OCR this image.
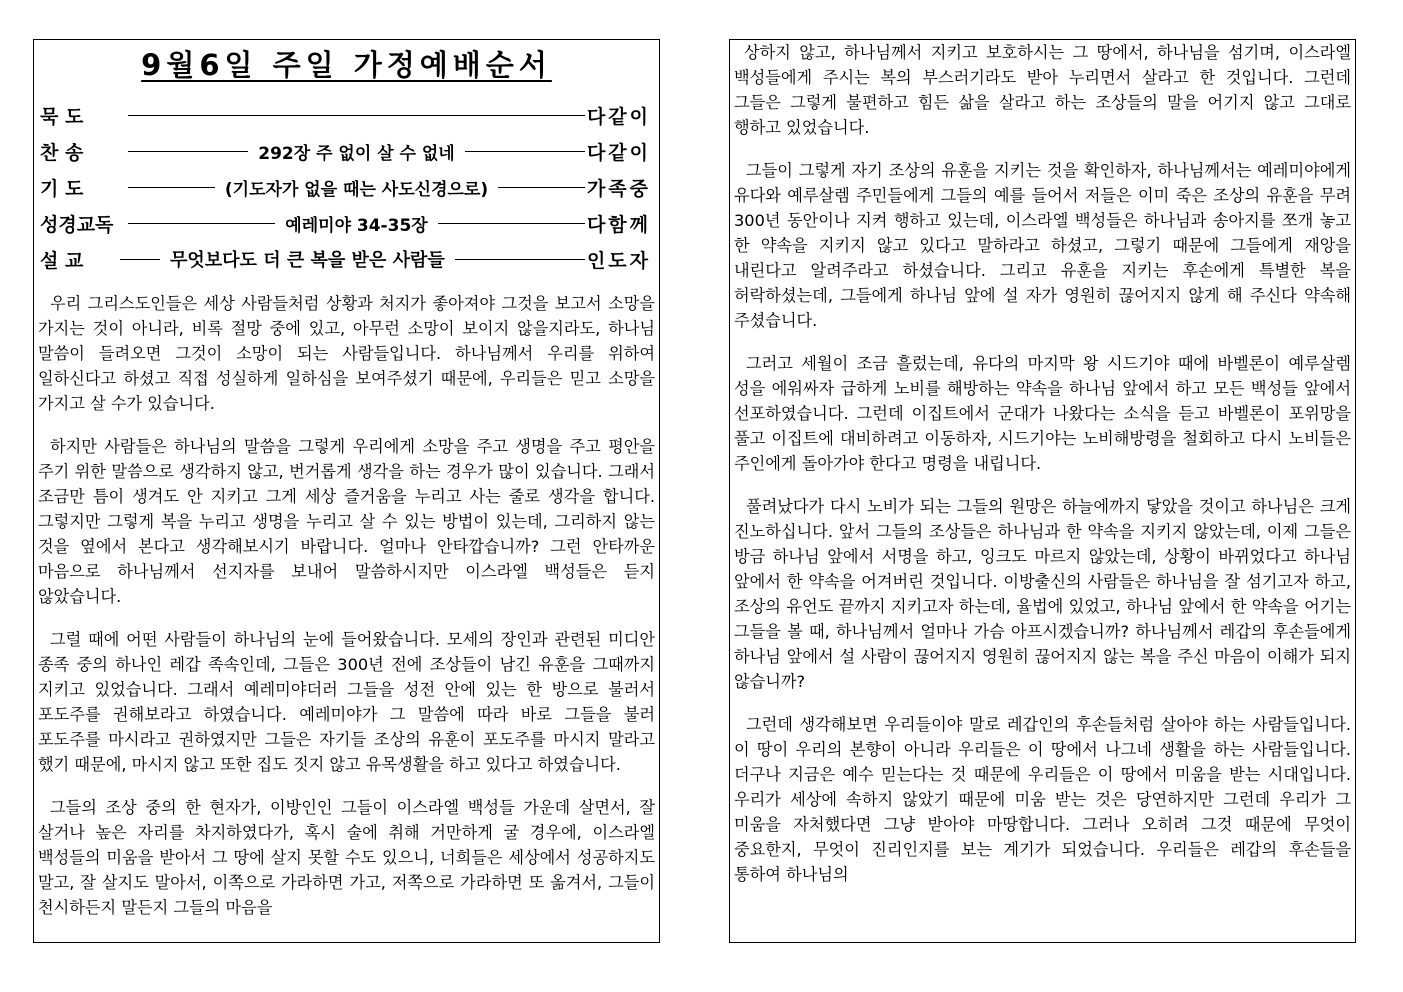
9월6일 주일 가정예배순서
묵 도	다같이
찬 송	292장 주 없이 살 수 없네	다같이
기 도	(기도자가 없을 때는 사도신경으로)	가족중
성경교독	예레미야 34-35장	다함께
설 교	무엇보다도 더 큰 복을 받은 사람들	인도자

우리 그리스도인들은 세상 사람들처럼 상황과 처지가 좋아져야 그것을 보고서 소망을 가지는 것이 아니라, 비록 절망 중에 있고, 아무런 소망이 보이지 않을지라도, 하나님 말씀이 들려오면 그것이 소망이 되는 사람들입니다. 하나님께서 우리를 위하여 일하신다고 하셨고 직접 성실하게 일하심을 보여주셨기 때문에, 우리들은 믿고 소망을 가지고 살 수가 있습니다.

하지만 사람들은 하나님의 말씀을 그렇게 우리에게 소망을 주고 생명을 주고 평안을 주기 위한 말씀으로 생각하지 않고, 번거롭게 생각을 하는 경우가 많이 있습니다. 그래서 조금만 틈이 생겨도 안 지키고 그게 세상 즐거움을 누리고 사는 줄로 생각을 합니다. 그렇지만 그렇게 복을 누리고 생명을 누리고 살 수 있는 방법이 있는데, 그리하지 않는 것을 옆에서 본다고 생각해보시기 바랍니다. 얼마나 안타깝습니까? 그런 안타까운 마음으로 하나님께서 선지자를 보내어 말씀하시지만 이스라엘 백성들은 듣지 않았습니다.

그럴 때에 어떤 사람들이 하나님의 눈에 들어왔습니다. 모세의 장인과 관련된 미디안 종족 중의 하나인 레갑 족속인데, 그들은 300년 전에 조상들이 남긴 유훈을 그때까지 지키고 있었습니다. 그래서 예레미야더러 그들을 성전 안에 있는 한 방으로 불러서 포도주를 권해보라고 하였습니다. 예레미야가 그 말씀에 따라 바로 그들을 불러 포도주를 마시라고 권하였지만 그들은 자기들 조상의 유훈이 포도주를 마시지 말라고 했기 때문에, 마시지 않고 또한 집도 짓지 않고 유목생활을 하고 있다고 하였습니다.

그들의 조상 중의 한 현자가, 이방인인 그들이 이스라엘 백성들 가운데 살면서, 잘 살거나 높은 자리를 차지하였다가, 혹시 술에 취해 거만하게 굴 경우에, 이스라엘 백성들의 미움을 받아서 그 땅에 살지 못할 수도 있으니, 너희들은 세상에서 성공하지도 말고, 잘 살지도 말아서, 이쪽으로 가라하면 가고, 저쪽으로 가라하면 또 옮겨서, 그들이 천시하든지 말든지 그들의 마음을

상하지 않고, 하나님께서 지키고 보호하시는 그 땅에서, 하나님을 섬기며, 이스라엘 백성들에게 주시는 복의 부스러기라도 받아 누리면서 살라고 한 것입니다. 그런데 그들은 그렇게 불편하고 힘든 삶을 살라고 하는 조상들의 말을 어기지 않고 그대로 행하고 있었습니다.

그들이 그렇게 자기 조상의 유훈을 지키는 것을 확인하자, 하나님께서는 예레미야에게 유다와 예루살렘 주민들에게 그들의 예를 들어서 저들은 이미 죽은 조상의 유훈을 무려 300년 동안이나 지켜 행하고 있는데, 이스라엘 백성들은 하나님과 송아지를 쪼개 놓고 한 약속을 지키지 않고 있다고 말하라고 하셨고, 그렇기 때문에 그들에게 재앙을 내린다고 알려주라고 하셨습니다. 그리고 유훈을 지키는 후손에게 특별한 복을 허락하셨는데, 그들에게 하나님 앞에 설 자가 영원히 끊어지지 않게 해 주신다 약속해 주셨습니다.

그러고 세월이 조금 흘렀는데, 유다의 마지막 왕 시드기야 때에 바벨론이 예루살렘 성을 에워싸자 급하게 노비를 해방하는 약속을 하나님 앞에서 하고 모든 백성들 앞에서 선포하였습니다. 그런데 이집트에서 군대가 나왔다는 소식을 듣고 바벨론이 포위망을 풀고 이집트에 대비하려고 이동하자, 시드기야는 노비해방령을 철회하고 다시 노비들은 주인에게 돌아가야 한다고 명령을 내립니다.

풀려났다가 다시 노비가 되는 그들의 원망은 하늘에까지 닿았을 것이고 하나님은 크게 진노하십니다. 앞서 그들의 조상들은 하나님과 한 약속을 지키지 않았는데, 이제 그들은 방금 하나님 앞에서 서명을 하고, 잉크도 마르지 않았는데, 상황이 바뀌었다고 하나님 앞에서 한 약속을 어겨버린 것입니다. 이방출신의 사람들은 하나님을 잘 섬기고자 하고, 조상의 유언도 끝까지 지키고자 하는데, 율법에 있었고, 하나님 앞에서 한 약속을 어기는 그들을 볼 때, 하나님께서 얼마나 가슴 아프시겠습니까? 하나님께서 레갑의 후손들에게 하나님 앞에서 설 사람이 끊어지지 영원히 끊어지지 않는 복을 주신 마음이 이해가 되지 않습니까?

그런데 생각해보면 우리들이야 말로 레갑인의 후손들처럼 살아야 하는 사람들입니다. 이 땅이 우리의 본향이 아니라 우리들은 이 땅에서 나그네 생활을 하는 사람들입니다. 더구나 지금은 예수 믿는다는 것 때문에 우리들은 이 땅에서 미움을 받는 시대입니다. 우리가 세상에 속하지 않았기 때문에 미움 받는 것은 당연하지만 그런데 우리가 그 미움을 자처했다면 그냥 받아야 마땅합니다. 그러나 오히려 그것 때문에 무엇이 중요한지, 무엇이 진리인지를 보는 계기가 되었습니다. 우리들은 레갑의 후손들을 통하여 하나님의
